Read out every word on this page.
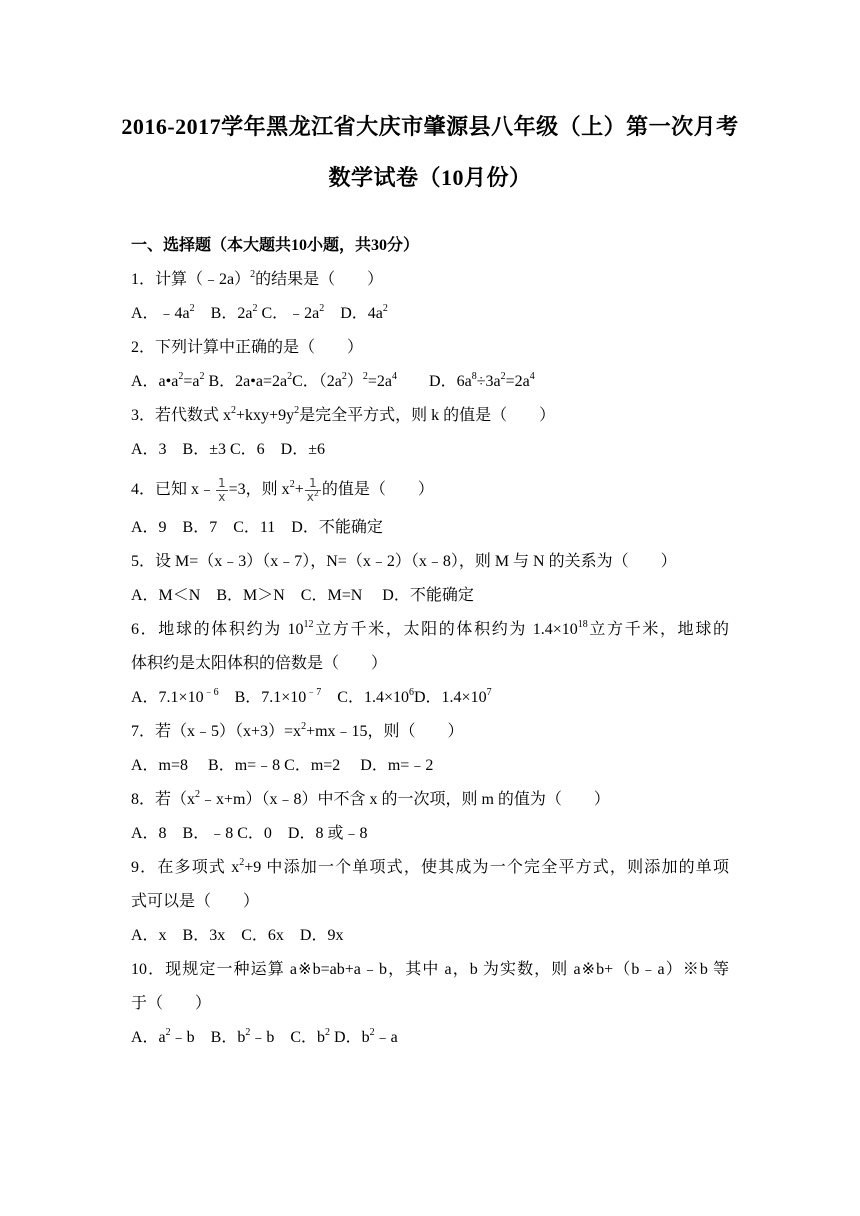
2016-2017学年黑龙江省大庆市肇源县八年级（上）第一次月考
数学试卷（10月份）
一、选择题（本大题共10小题，共30分）
1．计算（﹣2a）$^2$的结果是（　　）
A．$﹣4a^2$　B．$2a^2$ C．$﹣2a^2$　D．$4a^2$
2．下列计算中正确的是（　　）
A．$a•a^2=a^2$ B．$2a•a=2a^2C$．$(2a^2)^2=2a^4$　　D．$6a^8\div 3a^2=2a^4$
3．若代数式 $x^2+kxy+9y^2$是完全平方式，则 k 的值是（　　）
A．3　B．±3 C．6　D．±6
4．已知 x﹣ $\frac{1}{x} =3$，则 $x^2+ \frac{1}{x^2}$ 的值是（　　）
A．9　B．7　C．11　D．不能确定
5．设 M=（x﹣3）（x﹣7），N=（x﹣2）（x﹣8），则 M 与 N 的关系为（　　）
A．M＜N　B．M＞N　C．M=N　 D．不能确定
6．地球的体积约为 $10^{12}$立方千米，太阳的体积约为 $1.4\times 10^{18}$立方千米，地球的
体积约是太阳体积的倍数是（　　）
A．$7.1\times 10^{﹣6}$　B．$7.1\times 10^{﹣7}$　C．$1.4\times 10^6D$．$1.4\times 10^7$
7．若$(x﹣5)(x+3)=x^2+mx﹣15$，则（　　）
A．m=8　 B．m=﹣8 C．m=2　 D．m=﹣2
8．若$(x^2﹣x+m)(x﹣8)$中不含 x 的一次项，则 m 的值为（　　）
A．8　B．﹣8 C．0　D．8 或﹣8
9．在多项式 $x^2+9$ 中添加一个单项式，使其成为一个完全平方式，则添加的单项
式可以是（　　）
A．x　B．3x　C．6x　D．9x
10．现规定一种运算 a※b=ab+a﹣b，其中 a，b 为实数，则 a※b+（b﹣a）※b 等
于（　　）
A．$a^2﹣b$　B．$b^2﹣b$　C．$b^2$ D．$b^2﹣a$
